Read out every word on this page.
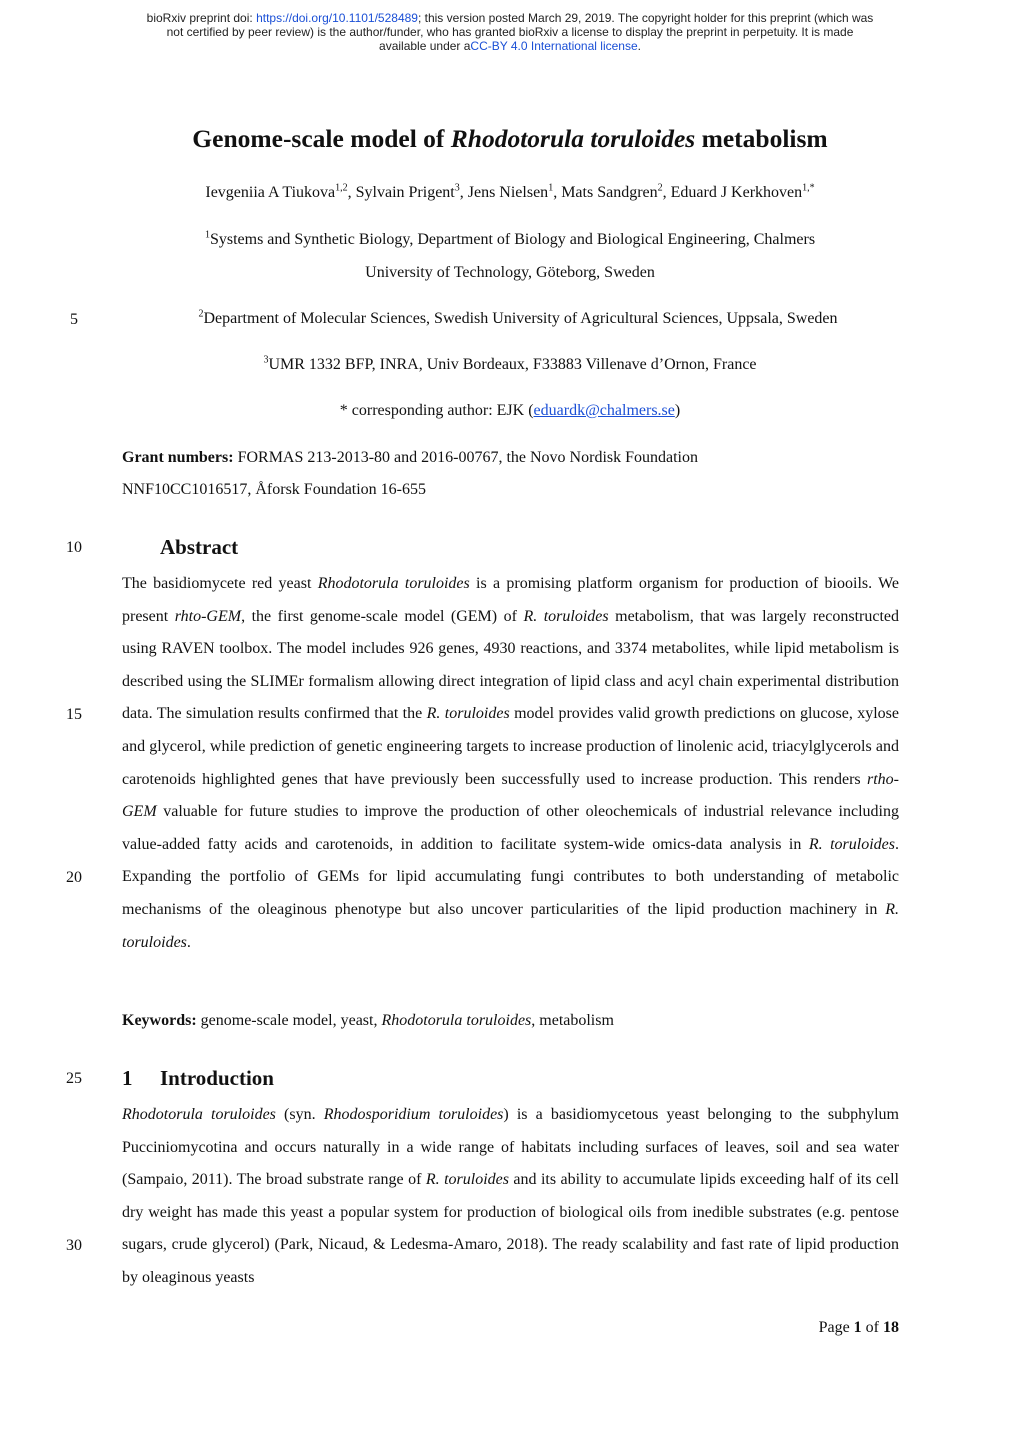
bioRxiv preprint doi: https://doi.org/10.1101/528489; this version posted March 29, 2019. The copyright holder for this preprint (which was
not certified by peer review) is the author/funder, who has granted bioRxiv a license to display the preprint in perpetuity. It is made
available under aCC-BY 4.0 International license.
Genome-scale model of Rhodotorula toruloides metabolism
Ievgeniia A Tiukova$^{1,2}$, Sylvain Prigent$^3$, Jens Nielsen$^1$, Mats Sandgren$^2$, Eduard J Kerkhoven$^{1,*}$
$^1$Systems and Synthetic Biology, Department of Biology and Biological Engineering, Chalmers
University of Technology, Göteborg, Sweden
5	$^2$Department of Molecular Sciences, Swedish University of Agricultural Sciences, Uppsala, Sweden
$^3$UMR 1332 BFP, INRA, Univ Bordeaux, F33883 Villenave d’Ornon, France
* corresponding author: EJK (eduardk@chalmers.se)
Grant numbers: FORMAS 213-2013-80 and 2016-00767, the Novo Nordisk Foundation
NNF10CC1016517, Åforsk Foundation 16-655
10	Abstract
15
20

The basidiomycete red yeast Rhodotorula toruloides is a promising platform organism for production of biooils. We present rhto-GEM, the first genome-scale model (GEM) of R. toruloides metabolism, that was largely reconstructed using RAVEN toolbox. The model includes 926 genes, 4930 reactions, and 3374 metabolites, while lipid metabolism is described using the SLIMEr formalism allowing direct integration of lipid class and acyl chain experimental distribution data. The simulation results confirmed that the R. toruloides model provides valid growth predictions on glucose, xylose and glycerol, while prediction of genetic engineering targets to increase production of linolenic acid, triacylglycerols and carotenoids highlighted genes that have previously been successfully used to increase production. This renders rtho-GEM valuable for future studies to improve the production of other oleochemicals of industrial relevance including value-added fatty acids and carotenoids, in addition to facilitate system-wide omics-data analysis in R. toruloides. Expanding the portfolio of GEMs for lipid accumulating fungi contributes to both understanding of metabolic mechanisms of the oleaginous phenotype but also uncover particularities of the lipid production machinery in R. toruloides.

Keywords: genome-scale model, yeast, Rhodotorula toruloides, metabolism
25	1 Introduction
30

Rhodotorula toruloides (syn. Rhodosporidium toruloides) is a basidiomycetous yeast belonging to the subphylum Pucciniomycotina and occurs naturally in a wide range of habitats including surfaces of leaves, soil and sea water (Sampaio, 2011). The broad substrate range of R. toruloides and its ability to accumulate lipids exceeding half of its cell dry weight has made this yeast a popular system for production of biological oils from inedible substrates (e.g. pentose sugars, crude glycerol) (Park, Nicaud, & Ledesma-Amaro, 2018). The ready scalability and fast rate of lipid production by oleaginous yeasts

Page 1 of 18
